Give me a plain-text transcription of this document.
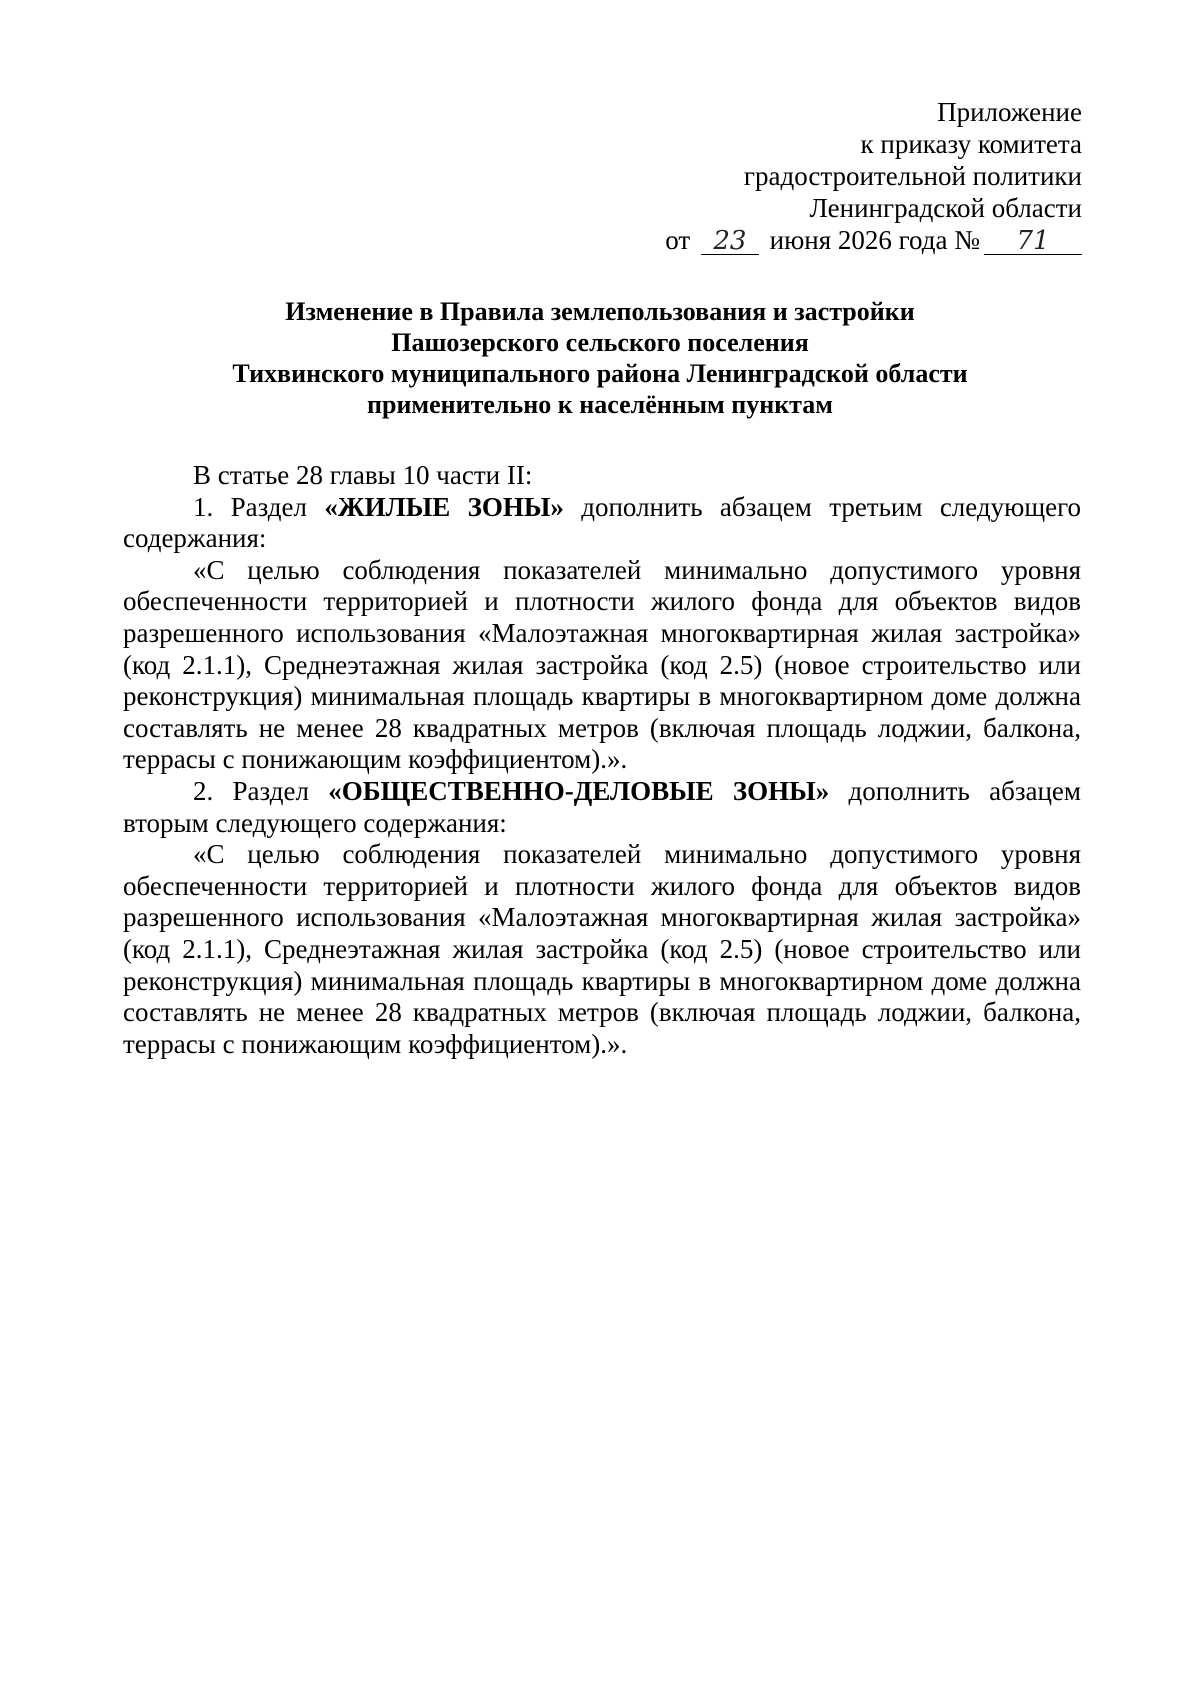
Приложение
к приказу комитета
градостроительной политики
Ленинградской области
от 23 июня 2026 года № 71
Изменение в Правила землепользования и застройки
Пашозерского сельского поселения
Тихвинского муниципального района Ленинградской области
применительно к населённым пунктам

В статье 28 главы 10 части II:

1. Раздел «ЖИЛЫЕ ЗОНЫ» дополнить абзацем третьим следующего содержания:

«С целью соблюдения показателей минимально допустимого уровня обеспеченности территорией и плотности жилого фонда для объектов видов разрешенного использования «Малоэтажная многоквартирная жилая застройка» (код 2.1.1), Среднеэтажная жилая застройка (код 2.5) (новое строительство или реконструкция) минимальная площадь квартиры в многоквартирном доме должна составлять не менее 28 квадратных метров (включая площадь лоджии, балкона, террасы с понижающим коэффициентом).».

2. Раздел «ОБЩЕСТВЕННО-ДЕЛОВЫЕ ЗОНЫ» дополнить абзацем вторым следующего содержания:

«С целью соблюдения показателей минимально допустимого уровня обеспеченности территорией и плотности жилого фонда для объектов видов разрешенного использования «Малоэтажная многоквартирная жилая застройка» (код 2.1.1), Среднеэтажная жилая застройка (код 2.5) (новое строительство или реконструкция) минимальная площадь квартиры в многоквартирном доме должна составлять не менее 28 квадратных метров (включая площадь лоджии, балкона, террасы с понижающим коэффициентом).».
